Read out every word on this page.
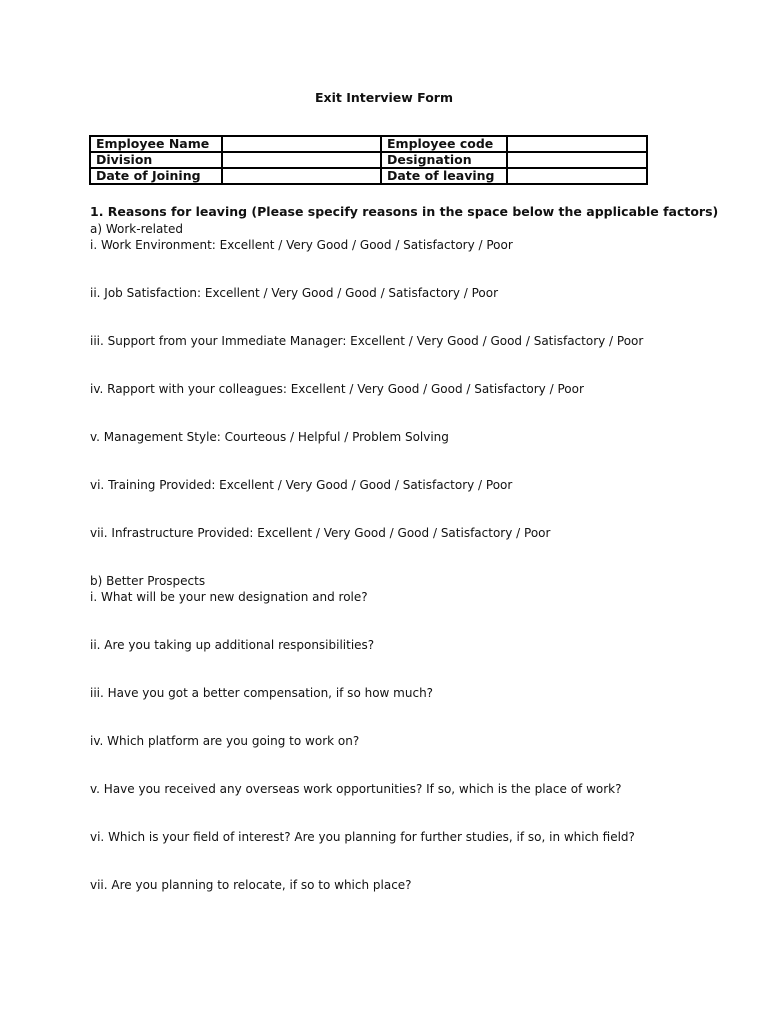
Exit Interview Form
Employee Name		Employee code	
Division		Designation	
Date of Joining		Date of leaving	
1. Reasons for leaving (Please specify reasons in the space below the applicable factors)
a) Work-related
i. Work Environment: Excellent / Very Good / Good / Satisfactory / Poor
ii. Job Satisfaction: Excellent / Very Good / Good / Satisfactory / Poor
iii. Support from your Immediate Manager: Excellent / Very Good / Good / Satisfactory / Poor
iv. Rapport with your colleagues: Excellent / Very Good / Good / Satisfactory / Poor
v. Management Style: Courteous / Helpful / Problem Solving
vi. Training Provided: Excellent / Very Good / Good / Satisfactory / Poor
vii. Infrastructure Provided: Excellent / Very Good / Good / Satisfactory / Poor
b) Better Prospects
i. What will be your new designation and role?
ii. Are you taking up additional responsibilities?
iii. Have you got a better compensation, if so how much?
iv. Which platform are you going to work on?
v. Have you received any overseas work opportunities? If so, which is the place of work?
vi. Which is your field of interest? Are you planning for further studies, if so, in which field?
vii. Are you planning to relocate, if so to which place?
